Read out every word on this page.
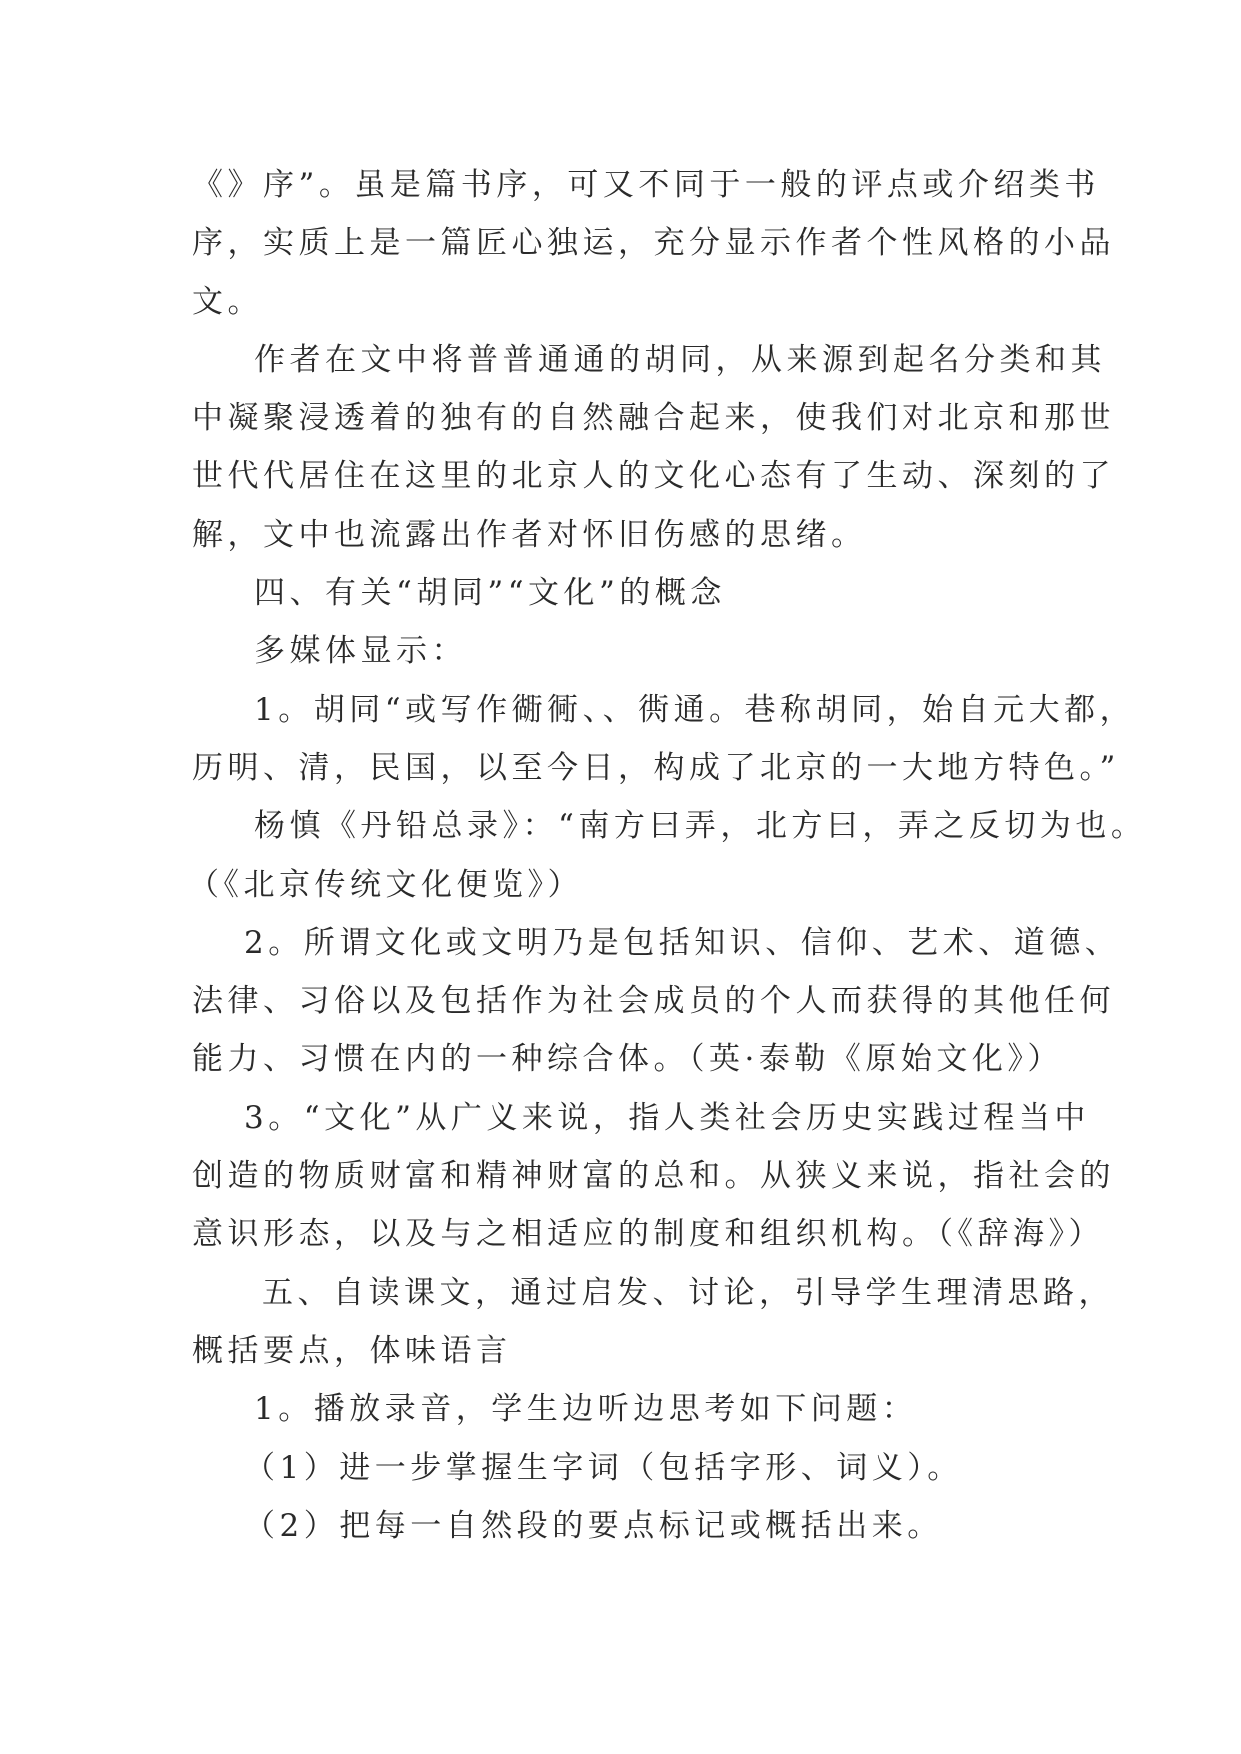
《》序”。虽是篇书序，可又不同于一般的评点或介绍类书
序，实质上是一篇匠心独运，充分显示作者个性风格的小品
文。
作者在文中将普普通通的胡同，从来源到起名分类和其
中凝聚浸透着的独有的自然融合起来，使我们对北京和那世
世代代居住在这里的北京人的文化心态有了生动、深刻的了
解，文中也流露出作者对怀旧伤感的思绪。
四、有关“胡同”“文化”的概念
多媒体显示：
1。胡同“或写作衚衕、、衖通。巷称胡同，始自元大都，
历明、清，民国，以至今日，构成了北京的一大地方特色。”
杨慎《丹铅总录》：“南方曰弄，北方曰，弄之反切为也。
（《北京传统文化便览》）
2。所谓文化或文明乃是包括知识、信仰、艺术、道德、
法律、习俗以及包括作为社会成员的个人而获得的其他任何
能力、习惯在内的一种综合体。（英·泰勒《原始文化》）
3。“文化”从广义来说，指人类社会历史实践过程当中
创造的物质财富和精神财富的总和。从狭义来说，指社会的
意识形态，以及与之相适应的制度和组织机构。（《辞海》）
五、自读课文，通过启发、讨论，引导学生理清思路，
概括要点，体味语言
1。播放录音，学生边听边思考如下问题：
（1）进一步掌握生字词（包括字形、词义）。
（2）把每一自然段的要点标记或概括出来。
